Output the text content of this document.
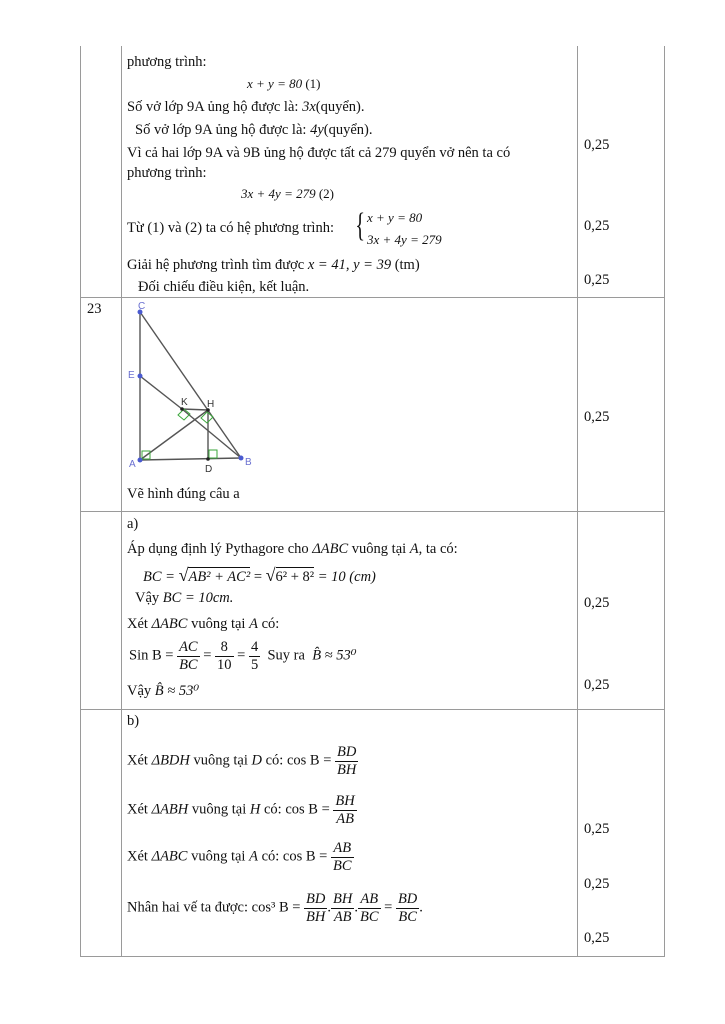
phương trình:
x + y = 80 (1)
Số vở lớp 9A ủng hộ được là: 3x(quyển).
Số vở lớp 9A ủng hộ được là: 4y(quyển).
Vì cả hai lớp 9A và 9B ủng hộ được tất cả 279 quyển vở nên ta có
phương trình:
3x + 4y = 279 (2)
Từ (1) và (2) ta có hệ phương trình: { x + y = 80
3x + 4y = 279
Giải hệ phương trình tìm được x = 41, y = 39 (tm)
Đối chiếu điều kiện, kết luận.
0,25
0,25
0,25
23	C
E
K H
A	D
B
Vẽ hình đúng câu a
0,25
a)
Áp dụng định lý Pythagore cho ΔABC vuông tại A, ta có:
BC = √AB² + AC² = √6² + 8² = 10 (cm)
Vậy BC = 10cm.
Xét ΔABC vuông tại A có:
Sin $B = \frac{AC}{BC} = \frac{8}{10} = \frac{4}{5}$ Suy ra B̂ ≈ 53⁰
Vậy B̂ ≈ 53⁰
0,25
0,25
b)
Xét ΔBDH vuông tại D có: $\cos B = \frac{BD}{BH}$
Xét ΔABH vuông tại H có: $\cos B = \frac{BH}{AB}$
Xét ΔABC vuông tại A có: $\cos B = \frac{AB}{BC}$
Nhân hai vế ta được: cos³ $B = \frac{BD}{BH}$ . $\frac{BH}{AB}$ . $\frac{AB}{BC} = \frac{BD}{BC}$ .
0,25
0,25
0,25
